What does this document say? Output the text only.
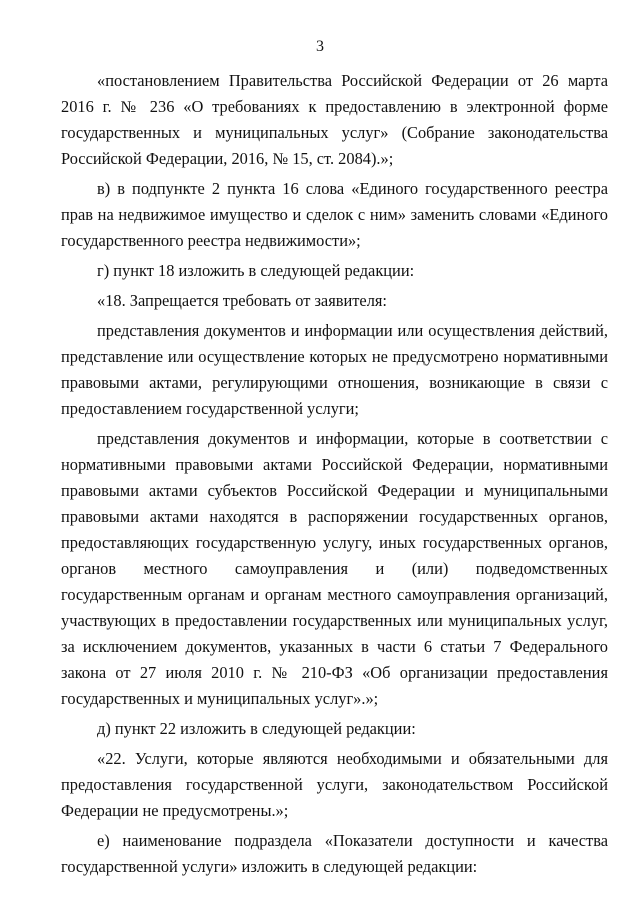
3

«постановлением Правительства Российской Федерации от 26 марта 2016 г. № 236 «О требованиях к предоставлению в электронной форме государственных и муниципальных услуг» (Собрание законодательства Российской Федерации, 2016, № 15, ст. 2084).»;

в) в подпункте 2 пункта 16 слова «Единого государственного реестра прав на недвижимое имущество и сделок с ним» заменить словами «Единого государственного реестра недвижимости»;

г) пункт 18 изложить в следующей редакции:

«18. Запрещается требовать от заявителя:

представления документов и информации или осуществления действий, представление или осуществление которых не предусмотрено нормативными правовыми актами, регулирующими отношения, возникающие в связи с предоставлением государственной услуги;

представления документов и информации, которые в соответствии с нормативными правовыми актами Российской Федерации, нормативными правовыми актами субъектов Российской Федерации и муниципальными правовыми актами находятся в распоряжении государственных органов, предоставляющих государственную услугу, иных государственных органов, органов местного самоуправления и (или) подведомственных государственным органам и органам местного самоуправления организаций, участвующих в предоставлении государственных или муниципальных услуг, за исключением документов, указанных в части 6 статьи 7 Федерального закона от 27 июля 2010 г. № 210-ФЗ «Об организации предоставления государственных и муниципальных услуг».»;

д) пункт 22 изложить в следующей редакции:

«22. Услуги, которые являются необходимыми и обязательными для предоставления государственной услуги, законодательством Российской Федерации не предусмотрены.»;

е) наименование подраздела «Показатели доступности и качества государственной услуги» изложить в следующей редакции:
